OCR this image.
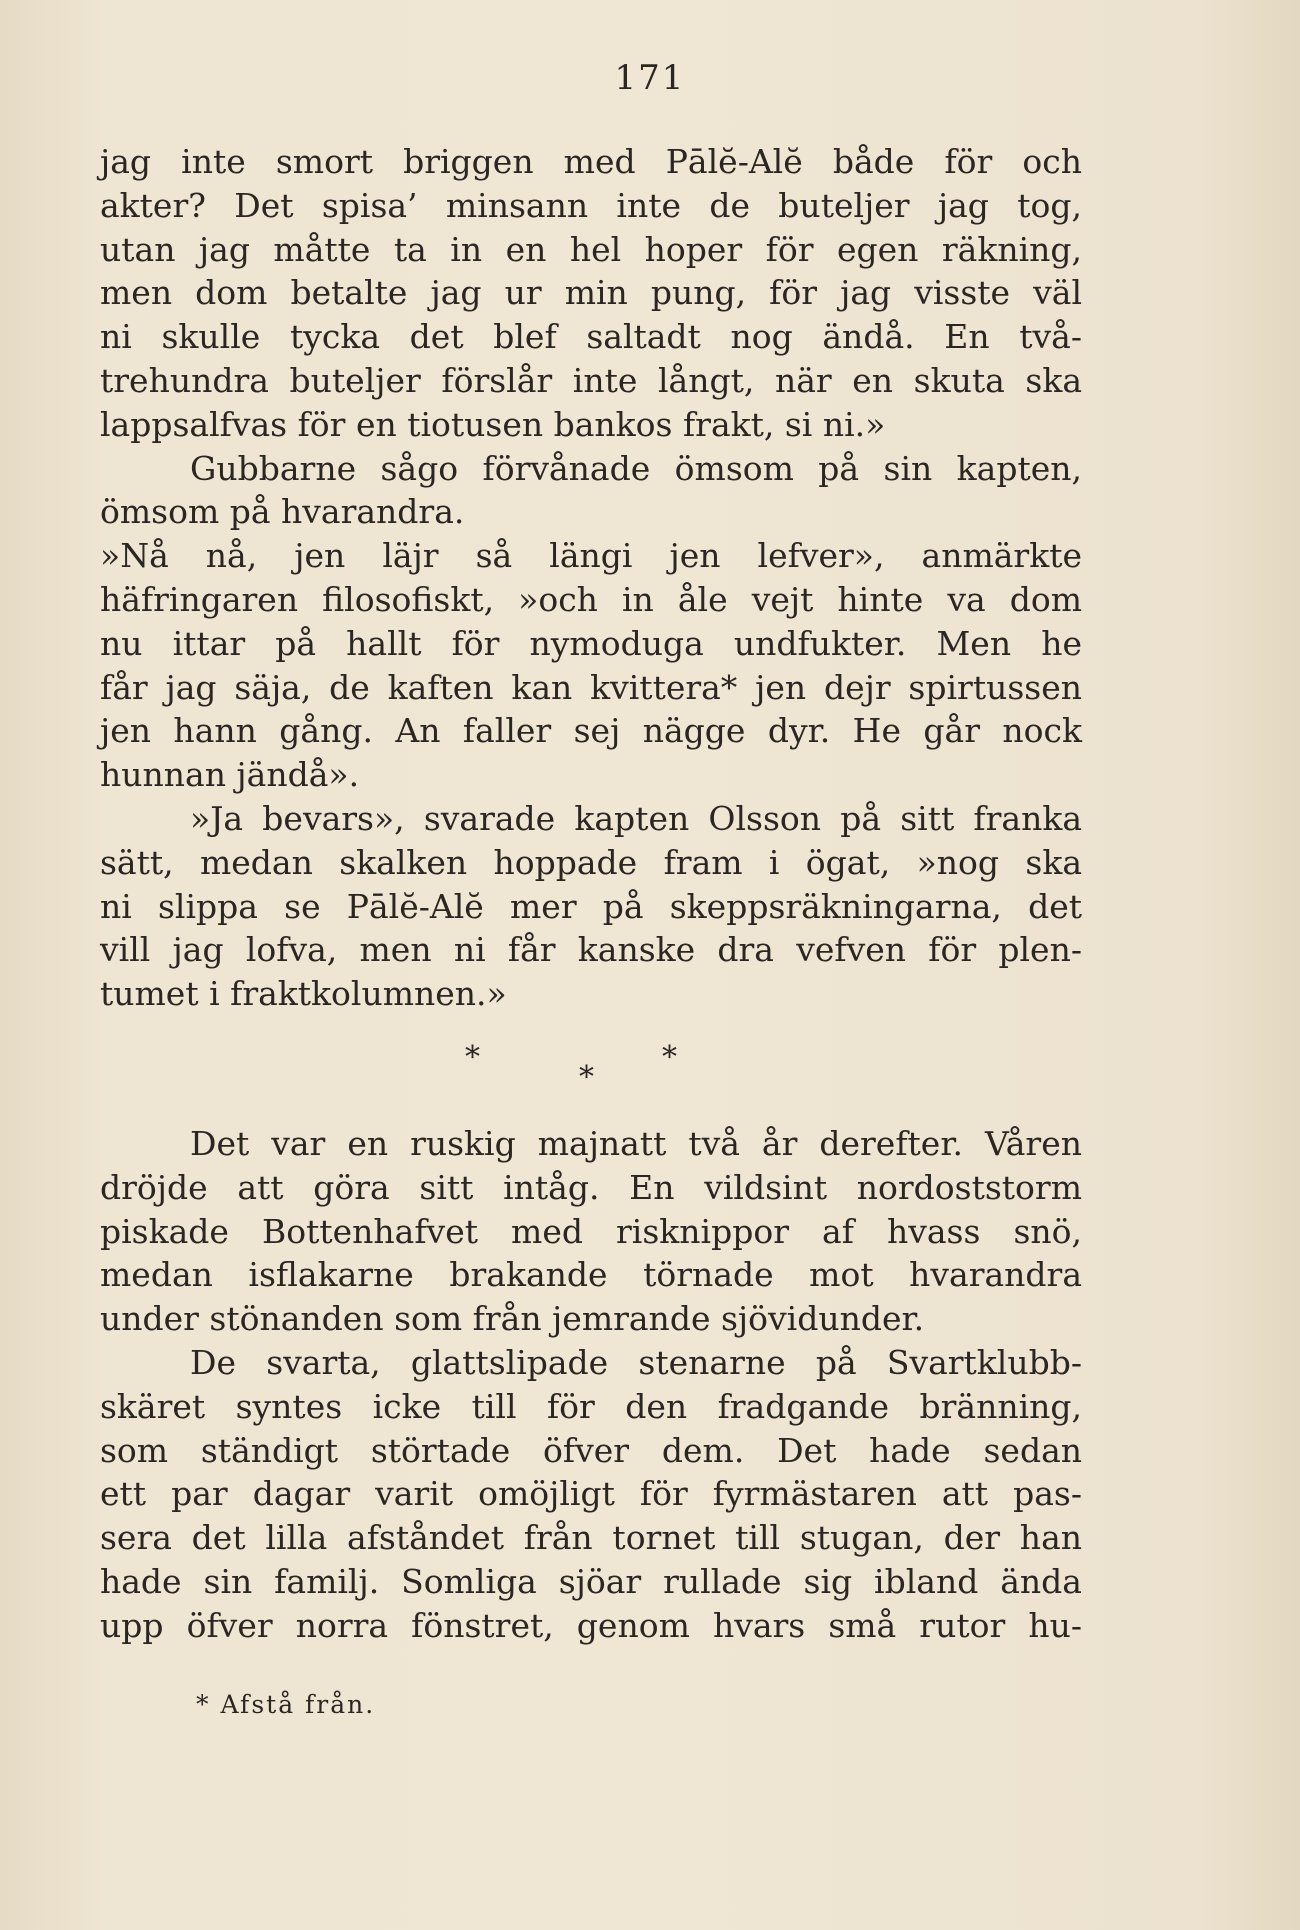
171
jag inte smort briggen med Pālĕ-Alĕ både för och
akter? Det spisa’ minsann inte de buteljer jag tog,
utan jag måtte ta in en hel hoper för egen räkning,
men dom betalte jag ur min pung, för jag visste väl
ni skulle tycka det blef saltadt nog ändå. En två-
trehundra buteljer förslår inte långt, när en skuta ska
lappsalfvas för en tiotusen bankos frakt, si ni.»
Gubbarne sågo förvånade ömsom på sin kapten,
ömsom på hvarandra.
»Nå nå, jen läjr så längi jen lefver», anmärkte
häfringaren filosofiskt, »och in åle vejt hinte va dom
nu ittar på hallt för nymoduga undfukter. Men he
får jag säja, de kaften kan kvittera* jen dejr spirtussen
jen hann gång. An faller sej nägge dyr. He går nock
hunnan jändå».
»Ja bevars», svarade kapten Olsson på sitt franka
sätt, medan skalken hoppade fram i ögat, »nog ska
ni slippa se Pālĕ-Alĕ mer på skeppsräkningarna, det
vill jag lofva, men ni får kanske dra vefven för plen-
tumet i fraktkolumnen.»
*	*
*
Det var en ruskig majnatt två år derefter. Våren
dröjde att göra sitt intåg. En vildsint nordoststorm
piskade Bottenhafvet med risknippor af hvass snö,
medan isflakarne brakande törnade mot hvarandra
under stönanden som från jemrande sjövidunder.
De svarta, glattslipade stenarne på Svartklubb-
skäret syntes icke till för den fradgande bränning,
som ständigt störtade öfver dem. Det hade sedan
ett par dagar varit omöjligt för fyrmästaren att pas-
sera det lilla afståndet från tornet till stugan, der han
hade sin familj. Somliga sjöar rullade sig ibland ända
upp öfver norra fönstret, genom hvars små rutor hu-
* Afstå från.
